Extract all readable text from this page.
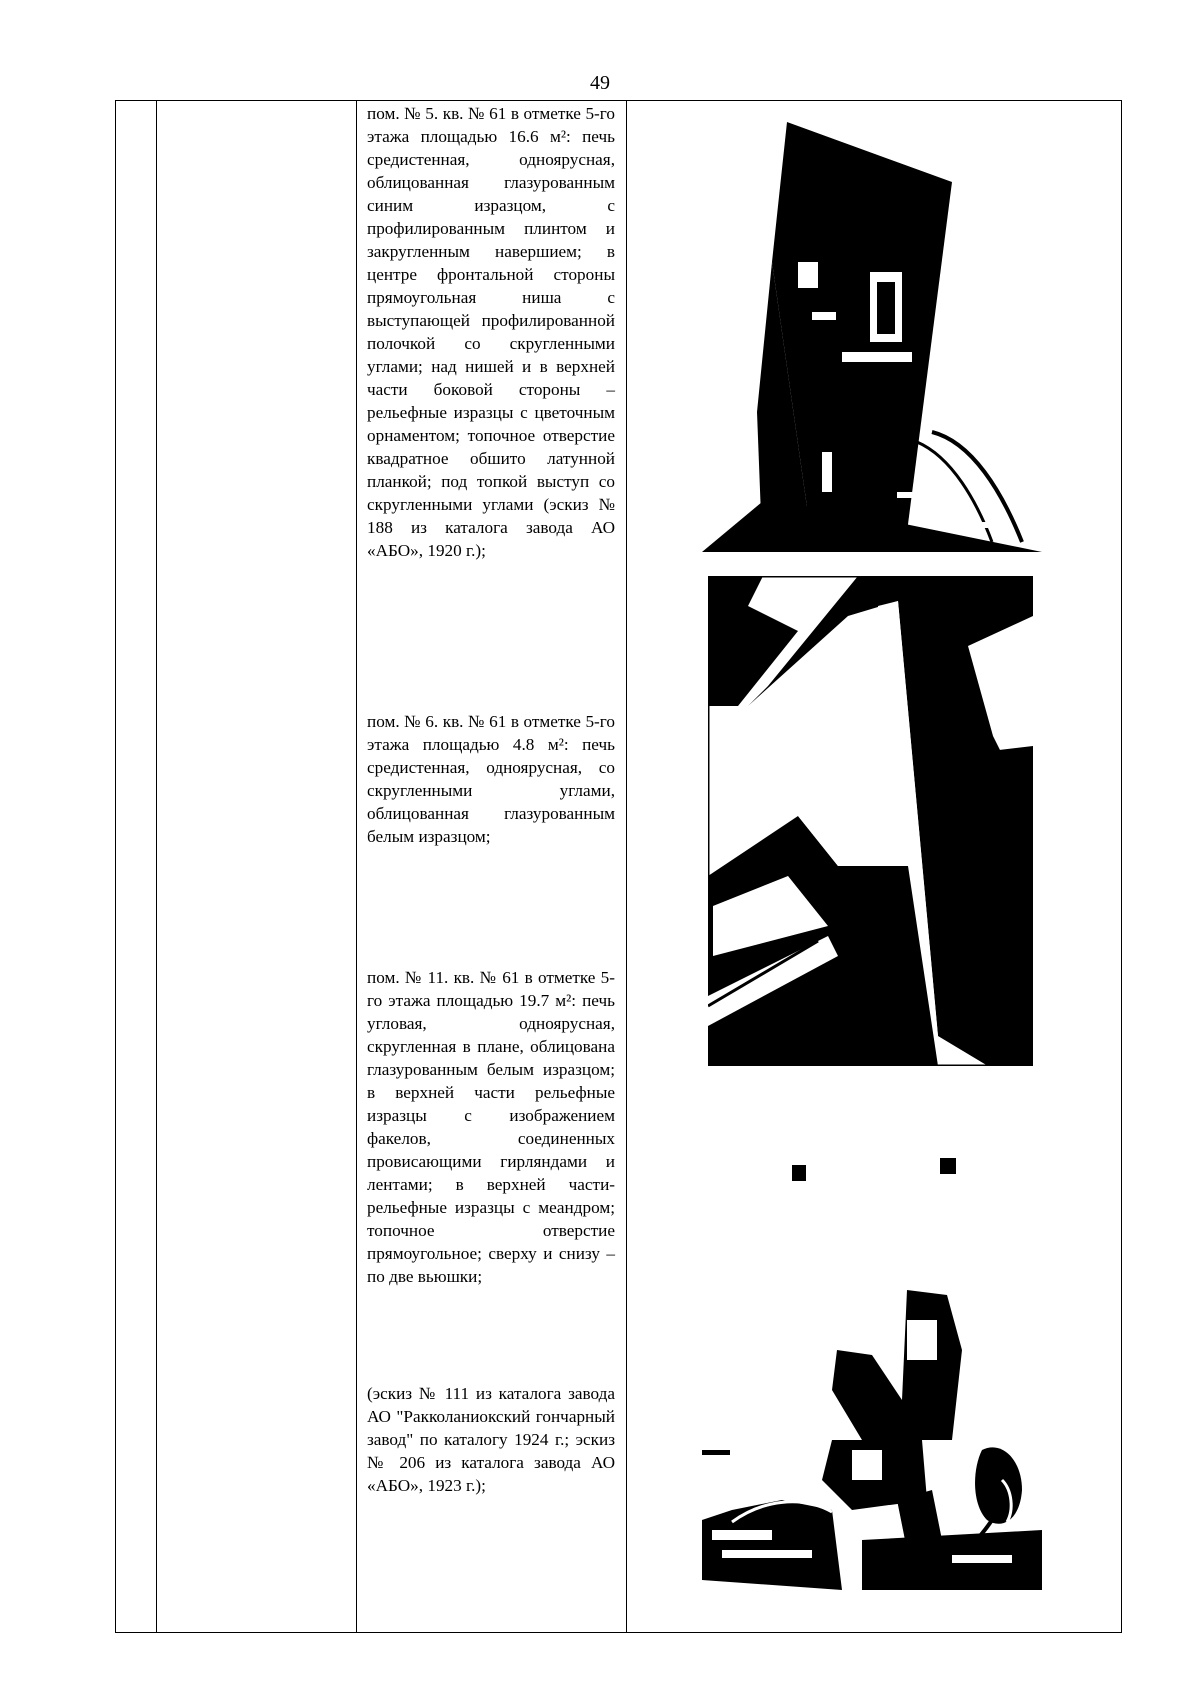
49

пом. № 5. кв. № 61 в отметке 5-го этажа площадью 16.6 м²: печь средистенная, одноярусная, облицованная глазурованным синим изразцом, с профилированным плинтом и закругленным навершием; в центре фронтальной стороны прямоугольная ниша с выступающей профилированной полочкой со скругленными углами; над нишей и в верхней части боковой стороны – рельефные изразцы с цветочным орнаментом; топочное отверстие квадратное обшито латунной планкой; под топкой выступ со скругленными углами (эскиз № 188 из каталога завода АО «АБО», 1920 г.);

пом. № 6. кв. № 61 в отметке 5-го этажа площадью 4.8 м²: печь средистенная, одноярусная, со скругленными углами, облицованная глазурованным белым изразцом;

пом. № 11. кв. № 61 в отметке 5-го этажа площадью 19.7 м²: печь угловая, одноярусная, скругленная в плане, облицована глазурованным белым изразцом; в верхней части рельефные изразцы с изображением факелов, соединенных провисающими гирляндами и лентами; в верхней части- рельефные изразцы с меандром; топочное отверстие прямоугольное; сверху и снизу – по две вьюшки;

(эскиз № 111 из каталога завода АО "Ракколаниокский гончарный завод" по каталогу 1924 г.; эскиз № 206 из каталога завода АО «АБО», 1923 г.);
